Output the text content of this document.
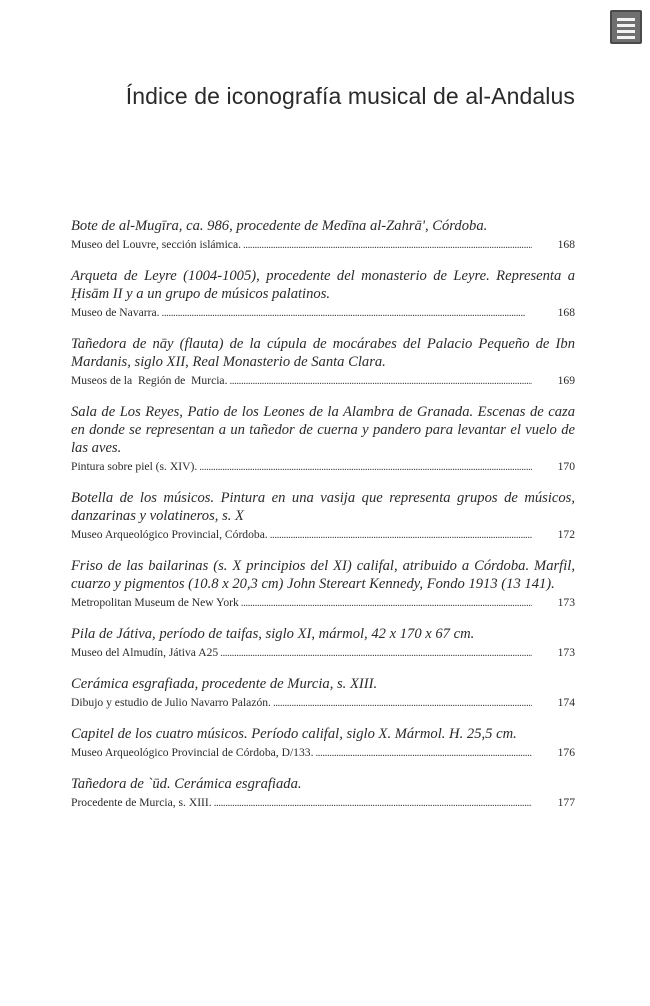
Índice de iconografía musical de al-Andalus
Bote de al-Mugīra, ca. 986, procedente de Medīna al-Zahrā', Córdoba.
Museo del Louvre, sección islámica. . . .	168
Arqueta de Leyre (1004-1005), procedente del monasterio de Leyre. Representa a Ḥisām II y a un grupo de músicos palatinos.
Museo de Navarra. . . .	168
Tañedora de nāy (flauta) de la cúpula de mocárabes del Palacio Pequeño de Ibn Mardanis, siglo XII, Real Monasterio de Santa Clara.
Museos de la  Región de  Murcia. . . .	169
Sala de Los Reyes, Patio de los Leones de la Alambra de Granada. Escenas de caza en donde se representan a un tañedor de cuerna y pandero para levantar el vuelo de las aves.
Pintura sobre piel (s. XIV). . . .	170
Botella de los músicos. Pintura en una vasija que representa grupos de músicos, danzarinas y volatineros, s. X
Museo Arqueológico Provincial, Córdoba. . . .	172
Friso de las bailarinas (s. X principios del XI) califal, atribuido a Córdoba. Marfil, cuarzo y pigmentos (10.8 x 20,3 cm) John Stereart Kennedy, Fondo 1913 (13 141).
Metropolitan Museum de New York . . .	173
Pila de Játiva, período de taifas, siglo XI, mármol, 42 x 170 x 67 cm.
Museo del Almudín, Játiva A25 . . .	173
Cerámica esgrafiada, procedente de Murcia, s. XIII.
Dibujo y estudio de Julio Navarro Palazón. . . .	174
Capitel de los cuatro músicos. Período califal, siglo X. Mármol. H. 25,5 cm.
Museo Arqueológico Provincial de Córdoba, D/133. . . .	176
Tañedora de `ūd. Cerámica esgrafiada.
Procedente de Murcia, s. XIII. . . .	177
